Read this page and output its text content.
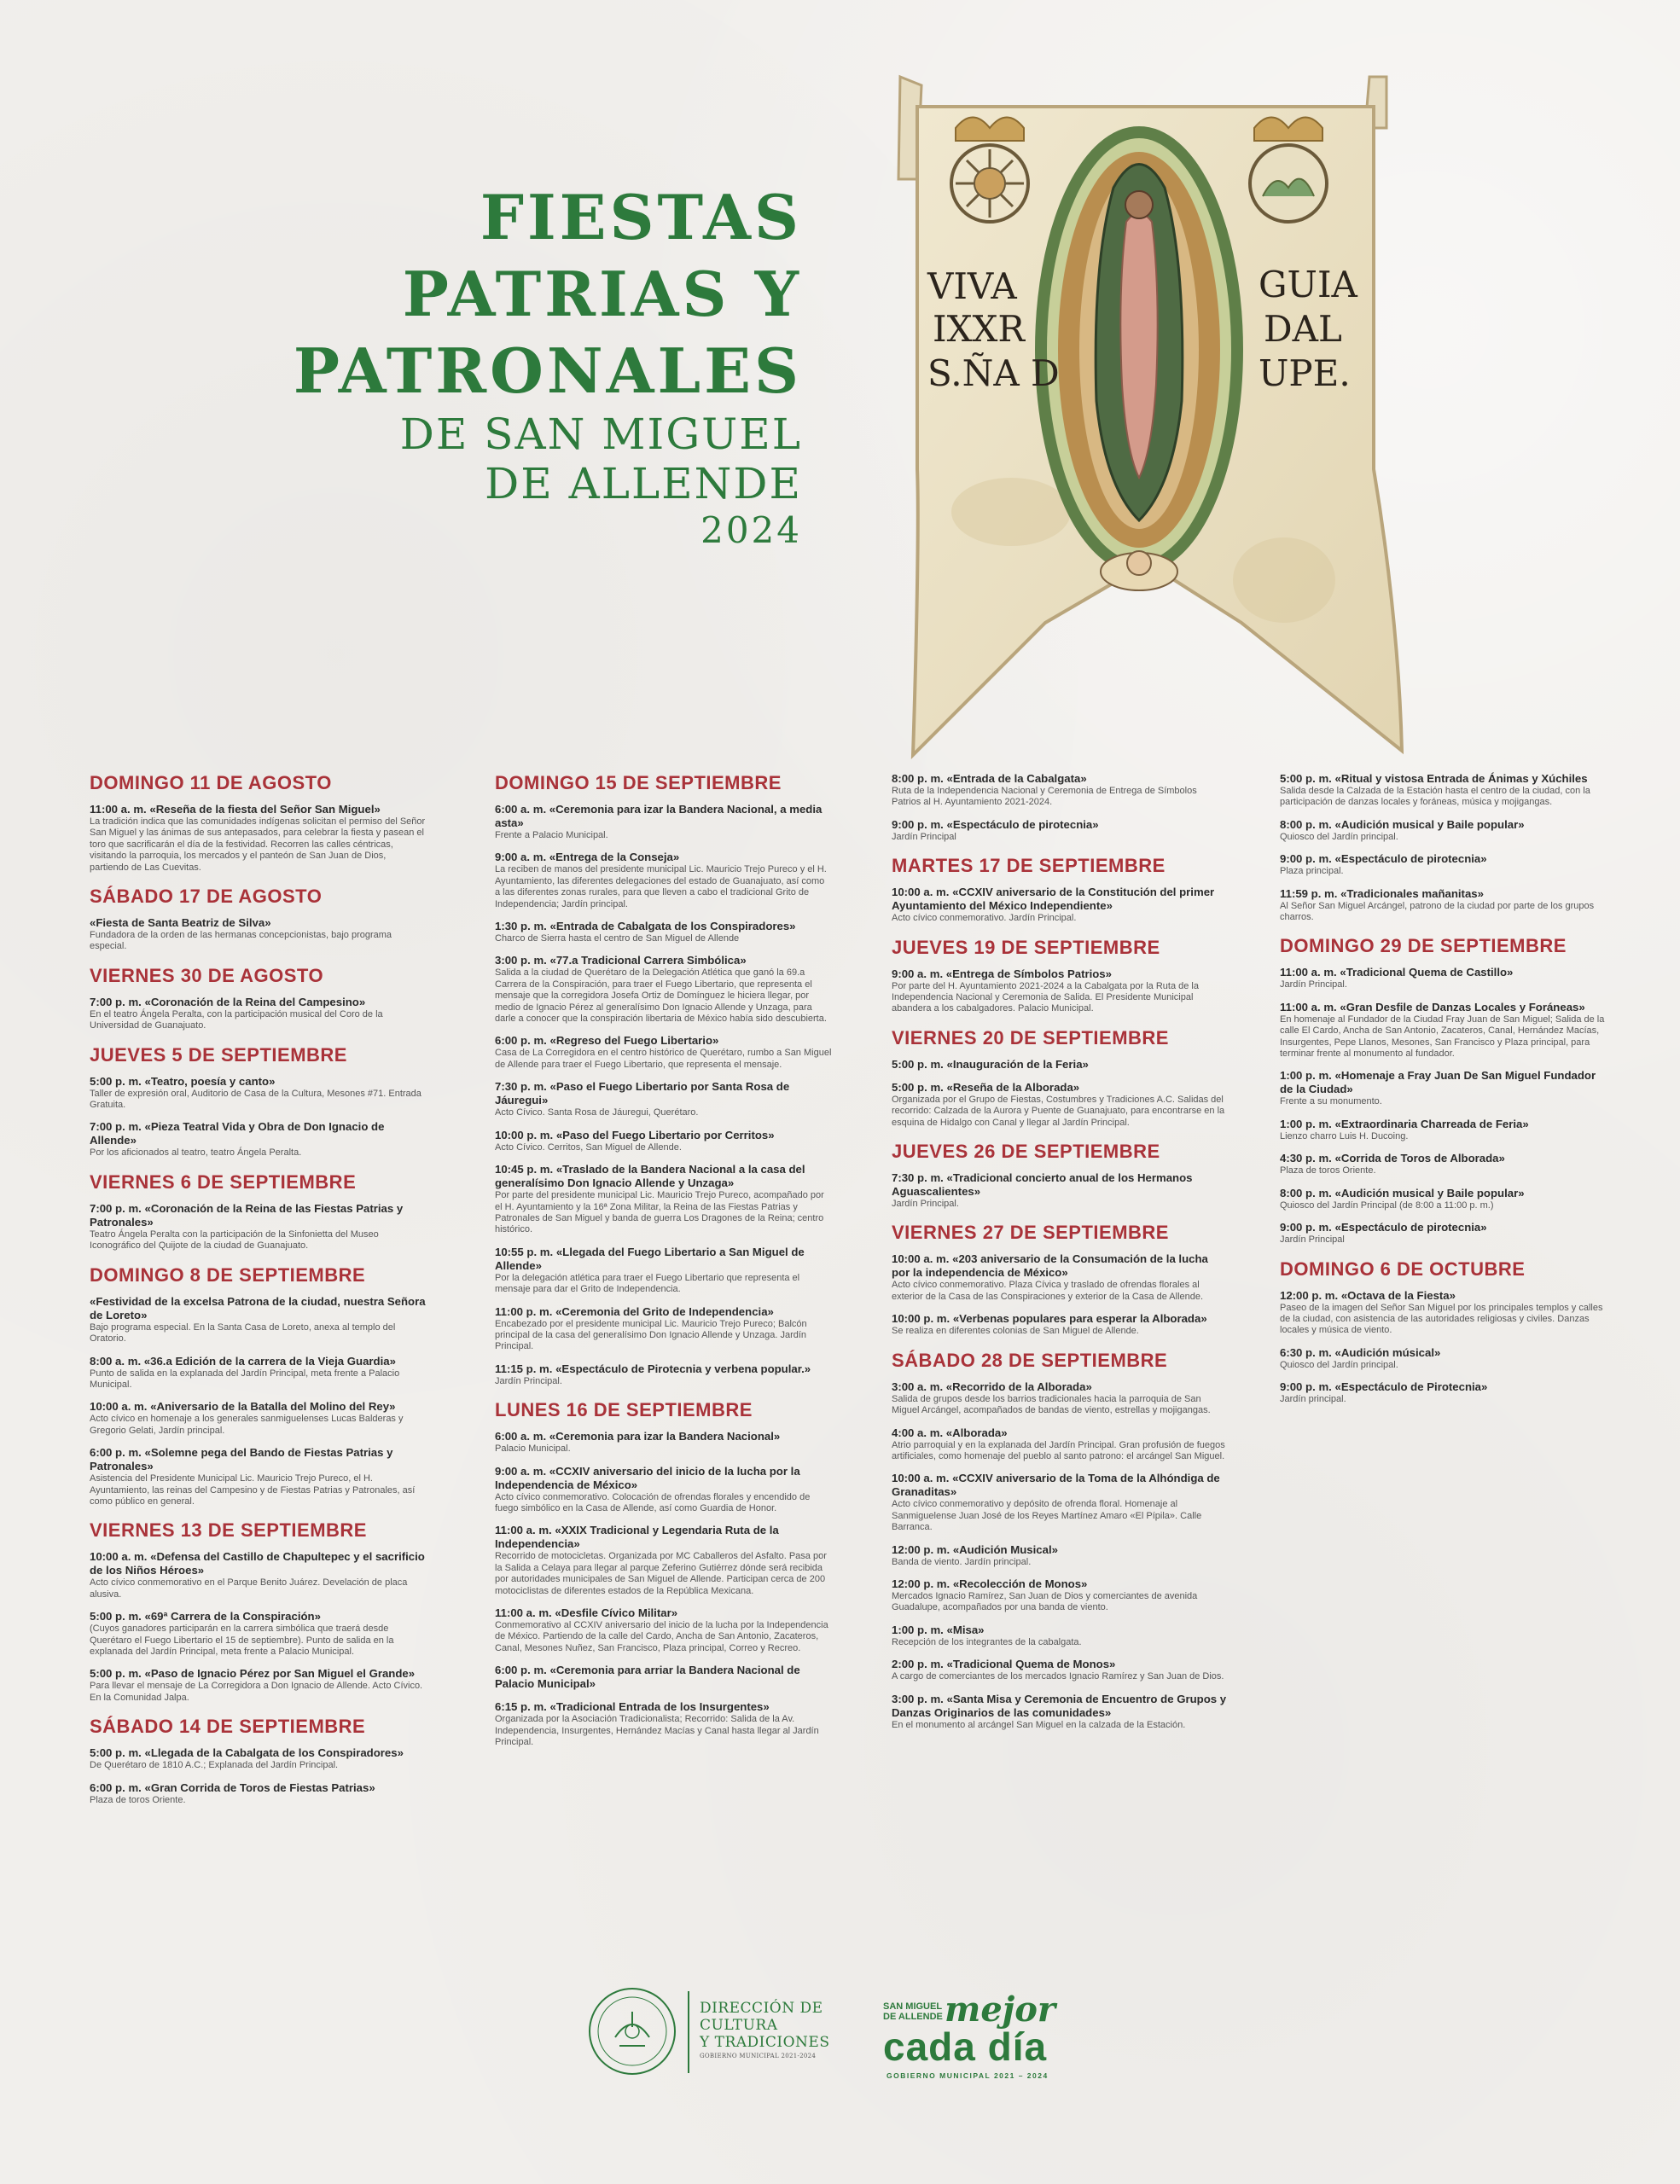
FIESTAS
PATRIAS Y
PATRONALES
DE SAN MIGUEL
DE ALLENDE
2024
VIVA
IXXR
S.ÑA D
GUIA
DAL
UPE.
DOMINGO 11 DE AGOSTO
11:00 a. m. «Reseña de la fiesta del Señor San Miguel»
La tradición indica que las comunidades indígenas solicitan el permiso del Señor San Miguel y las ánimas de sus antepasados, para celebrar la fiesta y pasean el toro que sacrificarán el día de la festividad. Recorren las calles céntricas, visitando la parroquia, los mercados y el panteón de San Juan de Dios, partiendo de Las Cuevitas.
SÁBADO 17 DE AGOSTO
«Fiesta de Santa Beatriz de Silva»
Fundadora de la orden de las hermanas concepcionistas, bajo programa especial.
VIERNES 30 DE AGOSTO
7:00 p. m. «Coronación de la Reina del Campesino»
En el teatro Ángela Peralta, con la participación musical del Coro de la Universidad de Guanajuato.
JUEVES 5 DE SEPTIEMBRE
5:00 p. m. «Teatro, poesía y canto»
Taller de expresión oral, Auditorio de Casa de la Cultura, Mesones #71. Entrada Gratuita.
7:00 p. m. «Pieza Teatral Vida y Obra de Don Ignacio de Allende»
Por los aficionados al teatro, teatro Ángela Peralta.
VIERNES 6 DE SEPTIEMBRE
7:00 p. m. «Coronación de la Reina de las Fiestas Patrias y Patronales»
Teatro Ángela Peralta con la participación de la Sinfonietta del Museo Iconográfico del Quijote de la ciudad de Guanajuato.
DOMINGO 8 DE SEPTIEMBRE
«Festividad de la excelsa Patrona de la ciudad, nuestra Señora de Loreto»
Bajo programa especial. En la Santa Casa de Loreto, anexa al templo del Oratorio.
8:00 a. m. «36.a Edición de la carrera de la Vieja Guardia»
Punto de salida en la explanada del Jardín Principal, meta frente a Palacio Municipal.
10:00 a. m. «Aniversario de la Batalla del Molino del Rey»
Acto cívico en homenaje a los generales sanmiguelenses Lucas Balderas y Gregorio Gelati, Jardín principal.
6:00 p. m. «Solemne pega del Bando de Fiestas Patrias y Patronales»
Asistencia del Presidente Municipal Lic. Mauricio Trejo Pureco, el H. Ayuntamiento, las reinas del Campesino y de Fiestas Patrias y Patronales, así como público en general.
VIERNES 13 DE SEPTIEMBRE
10:00 a. m. «Defensa del Castillo de Chapultepec y el sacrificio de los Niños Héroes»
Acto cívico conmemorativo en el Parque Benito Juárez. Develación de placa alusiva.
5:00 p. m. «69ª Carrera de la Conspiración»
(Cuyos ganadores participarán en la carrera simbólica que traerá desde Querétaro el Fuego Libertario el 15 de septiembre). Punto de salida en la explanada del Jardín Principal, meta frente a Palacio Municipal.
5:00 p. m. «Paso de Ignacio Pérez por San Miguel el Grande»
Para llevar el mensaje de La Corregidora a Don Ignacio de Allende. Acto Cívico. En la Comunidad Jalpa.
SÁBADO 14 DE SEPTIEMBRE
5:00 p. m. «Llegada de la Cabalgata de los Conspiradores»
De Querétaro de 1810 A.C.; Explanada del Jardín Principal.
6:00 p. m. «Gran Corrida de Toros de Fiestas Patrias»
Plaza de toros Oriente.
DOMINGO 15 DE SEPTIEMBRE
6:00 a. m. «Ceremonia para izar la Bandera Nacional, a media asta»
Frente a Palacio Municipal.
9:00 a. m. «Entrega de la Conseja»
La reciben de manos del presidente municipal Lic. Mauricio Trejo Pureco y el H. Ayuntamiento, las diferentes delegaciones del estado de Guanajuato, así como a las diferentes zonas rurales, para que lleven a cabo el tradicional Grito de Independencia; Jardín principal.
1:30 p. m. «Entrada de Cabalgata de los Conspiradores»
Charco de Sierra hasta el centro de San Miguel de Allende
3:00 p. m. «77.a Tradicional Carrera Simbólica»
Salida a la ciudad de Querétaro de la Delegación Atlética que ganó la 69.a Carrera de la Conspiración, para traer el Fuego Libertario, que representa el mensaje que la corregidora Josefa Ortiz de Domínguez le hiciera llegar, por medio de Ignacio Pérez al generalísimo Don Ignacio Allende y Unzaga, para darle a conocer que la conspiración libertaria de México había sido descubierta.
6:00 p. m. «Regreso del Fuego Libertario»
Casa de La Corregidora en el centro histórico de Querétaro, rumbo a San Miguel de Allende para traer el Fuego Libertario, que representa el mensaje.
7:30 p. m. «Paso el Fuego Libertario por Santa Rosa de Jáuregui»
Acto Cívico. Santa Rosa de Jáuregui, Querétaro.
10:00 p. m. «Paso del Fuego Libertario por Cerritos»
Acto Cívico. Cerritos, San Miguel de Allende.
10:45 p. m. «Traslado de la Bandera Nacional a la casa del generalísimo Don Ignacio Allende y Unzaga»
Por parte del presidente municipal Lic. Mauricio Trejo Pureco, acompañado por el H. Ayuntamiento y la 16ª Zona Militar, la Reina de las Fiestas Patrias y Patronales de San Miguel y banda de guerra Los Dragones de la Reina; centro histórico.
10:55 p. m. «Llegada del Fuego Libertario a San Miguel de Allende»
Por la delegación atlética para traer el Fuego Libertario que representa el mensaje para dar el Grito de Independencia.
11:00 p. m. «Ceremonia del Grito de Independencia»
Encabezado por el presidente municipal Lic. Mauricio Trejo Pureco; Balcón principal de la casa del generalísimo Don Ignacio Allende y Unzaga. Jardín Principal.
11:15 p. m. «Espectáculo de Pirotecnia y verbena popular.»
Jardín Principal.
LUNES 16 DE SEPTIEMBRE
6:00 a. m. «Ceremonia para izar la Bandera Nacional»
Palacio Municipal.
9:00 a. m. «CCXIV aniversario del inicio de la lucha por la Independencia de México»
Acto cívico conmemorativo. Colocación de ofrendas florales y encendido de fuego simbólico en la Casa de Allende, así como Guardia de Honor.
11:00 a. m. «XXIX Tradicional y Legendaria Ruta de la Independencia»
Recorrido de motocicletas. Organizada por MC Caballeros del Asfalto. Pasa por la Salida a Celaya para llegar al parque Zeferino Gutiérrez dónde será recibida por autoridades municipales de San Miguel de Allende. Participan cerca de 200 motociclistas de diferentes estados de la República Mexicana.
11:00 a. m. «Desfile Cívico Militar»
Conmemorativo al CCXIV aniversario del inicio de la lucha por la Independencia de México. Partiendo de la calle del Cardo, Ancha de San Antonio, Zacateros, Canal, Mesones Nuñez, San Francisco, Plaza principal, Correo y Recreo.
6:00 p. m. «Ceremonia para arriar la Bandera Nacional de Palacio Municipal»
6:15 p. m. «Tradicional Entrada de los Insurgentes»
Organizada por la Asociación Tradicionalista; Recorrido: Salida de la Av. Independencia, Insurgentes, Hernández Macías y Canal hasta llegar al Jardín Principal.
8:00 p. m. «Entrada de la Cabalgata»
Ruta de la Independencia Nacional y Ceremonia de Entrega de Símbolos Patrios al H. Ayuntamiento 2021-2024.
9:00 p. m. «Espectáculo de pirotecnia»
Jardín Principal
MARTES 17 DE SEPTIEMBRE
10:00 a. m. «CCXIV aniversario de la Constitución del primer Ayuntamiento del México Independiente»
Acto cívico conmemorativo. Jardín Principal.
JUEVES 19 DE SEPTIEMBRE
9:00 a. m. «Entrega de Símbolos Patrios»
Por parte del H. Ayuntamiento 2021-2024 a la Cabalgata por la Ruta de la Independencia Nacional y Ceremonia de Salida. El Presidente Municipal abandera a los cabalgadores. Palacio Municipal.
VIERNES 20 DE SEPTIEMBRE
5:00 p. m. «Inauguración de la Feria»
5:00 p. m. «Reseña de la Alborada»
Organizada por el Grupo de Fiestas, Costumbres y Tradiciones A.C. Salidas del recorrido: Calzada de la Aurora y Puente de Guanajuato, para encontrarse en la esquina de Hidalgo con Canal y llegar al Jardín Principal.
JUEVES 26 DE SEPTIEMBRE
7:30 p. m. «Tradicional concierto anual de los Hermanos Aguascalientes»
Jardín Principal.
VIERNES 27 DE SEPTIEMBRE
10:00 a. m. «203 aniversario de la Consumación de la lucha por la independencia de México»
Acto cívico conmemorativo. Plaza Cívica y traslado de ofrendas florales al exterior de la Casa de las Conspiraciones y exterior de la Casa de Allende.
10:00 p. m. «Verbenas populares para esperar la Alborada»
Se realiza en diferentes colonias de San Miguel de Allende.
SÁBADO 28 DE SEPTIEMBRE
3:00 a. m. «Recorrido de la Alborada»
Salida de grupos desde los barrios tradicionales hacia la parroquia de San Miguel Arcángel, acompañados de bandas de viento, estrellas y mojigangas.
4:00 a. m. «Alborada»
Atrio parroquial y en la explanada del Jardín Principal. Gran profusión de fuegos artificiales, como homenaje del pueblo al santo patrono: el arcángel San Miguel.
10:00 a. m. «CCXIV aniversario de la Toma de la Alhóndiga de Granaditas»
Acto cívico conmemorativo y depósito de ofrenda floral. Homenaje al Sanmiguelense Juan José de los Reyes Martínez Amaro «El Pípila». Calle Barranca.
12:00 p. m. «Audición Musical»
Banda de viento. Jardín principal.
12:00 p. m. «Recolección de Monos»
Mercados Ignacio Ramírez, San Juan de Dios y comerciantes de avenida Guadalupe, acompañados por una banda de viento.
1:00 p. m. «Misa»
Recepción de los integrantes de la cabalgata.
2:00 p. m. «Tradicional Quema de Monos»
A cargo de comerciantes de los mercados Ignacio Ramírez y San Juan de Dios.
3:00 p. m. «Santa Misa y Ceremonia de Encuentro de Grupos y Danzas Originarios de las comunidades»
En el monumento al arcángel San Miguel en la calzada de la Estación.
5:00 p. m. «Ritual y vistosa Entrada de Ánimas y Xúchiles
Salida desde la Calzada de la Estación hasta el centro de la ciudad, con la participación de danzas locales y foráneas, música y mojigangas.
8:00 p. m. «Audición musical y Baile popular»
Quiosco del Jardín principal.
9:00 p. m. «Espectáculo de pirotecnia»
Plaza principal.
11:59 p. m. «Tradicionales mañanitas»
Al Señor San Miguel Arcángel, patrono de la ciudad por parte de los grupos charros.
DOMINGO 29 DE SEPTIEMBRE
11:00 a. m. «Tradicional Quema de Castillo»
Jardín Principal.
11:00 a. m. «Gran Desfile de Danzas Locales y Foráneas»
En homenaje al Fundador de la Ciudad Fray Juan de San Miguel; Salida de la calle El Cardo, Ancha de San Antonio, Zacateros, Canal, Hernández Macías, Insurgentes, Pepe Llanos, Mesones, San Francisco y Plaza principal, para terminar frente al monumento al fundador.
1:00 p. m. «Homenaje a Fray Juan De San Miguel Fundador de la Ciudad»
Frente a su monumento.
1:00 p. m. «Extraordinaria Charreada de Feria»
Lienzo charro Luis H. Ducoing.
4:30 p. m. «Corrida de Toros de Alborada»
Plaza de toros Oriente.
8:00 p. m. «Audición musical y Baile popular»
Quiosco del Jardín Principal (de 8:00 a 11:00 p. m.)
9:00 p. m. «Espectáculo de pirotecnia»
Jardín Principal
DOMINGO 6 DE OCTUBRE
12:00 p. m. «Octava de la Fiesta»
Paseo de la imagen del Señor San Miguel por los principales templos y calles de la ciudad, con asistencia de las autoridades religiosas y civiles. Danzas locales y música de viento.
6:30 p. m. «Audición músical»
Quiosco del Jardín principal.
9:00 p. m. «Espectáculo de Pirotecnia»
Jardín principal.
DIRECCIÓN DE
CULTURA
Y TRADICIONES
GOBIERNO MUNICIPAL 2021-2024
SAN MIGUEL
DE ALLENDE mejor
cada día
GOBIERNO MUNICIPAL 2021 – 2024
